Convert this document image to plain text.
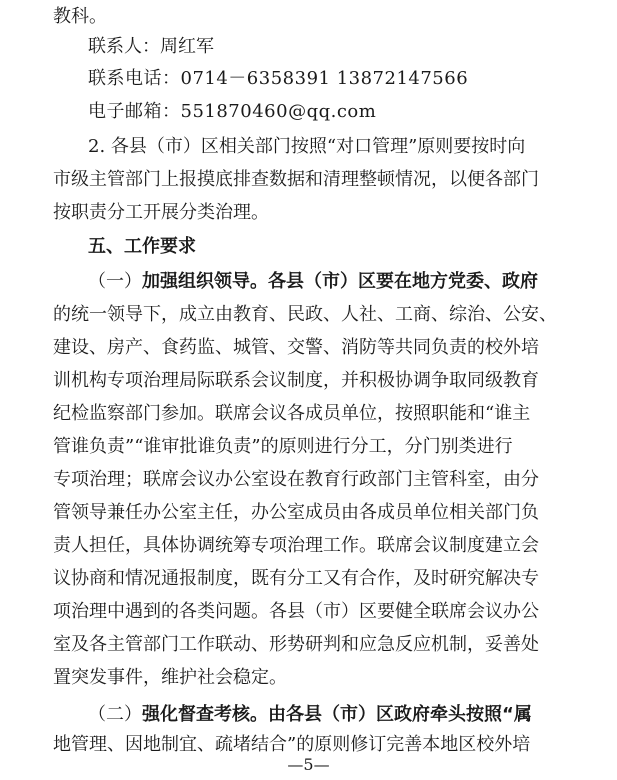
教科。
联系人：周红军
联系电话：0714－6358391 13872147566
电子邮箱：551870460@qq.com
2. 各县（市）区相关部门按照“对口管理”原则要按时向
市级主管部门上报摸底排查数据和清理整顿情况，以便各部门
按职责分工开展分类治理。
五、工作要求
（一）加强组织领导。各县（市）区要在地方党委、政府
的统一领导下，成立由教育、民政、人社、工商、综治、公安、
建设、房产、食药监、城管、交警、消防等共同负责的校外培
训机构专项治理局际联系会议制度，并积极协调争取同级教育
纪检监察部门参加。联席会议各成员单位，按照职能和“谁主
管谁负责”“谁审批谁负责”的原则进行分工，分门别类进行
专项治理；联席会议办公室设在教育行政部门主管科室，由分
管领导兼任办公室主任，办公室成员由各成员单位相关部门负
责人担任，具体协调统筹专项治理工作。联席会议制度建立会
议协商和情况通报制度，既有分工又有合作，及时研究解决专
项治理中遇到的各类问题。各县（市）区要健全联席会议办公
室及各主管部门工作联动、形势研判和应急反应机制，妥善处
置突发事件，维护社会稳定。
（二）强化督查考核。由各县（市）区政府牵头按照“属
地管理、因地制宜、疏堵结合”的原则修订完善本地区校外培
—5—
